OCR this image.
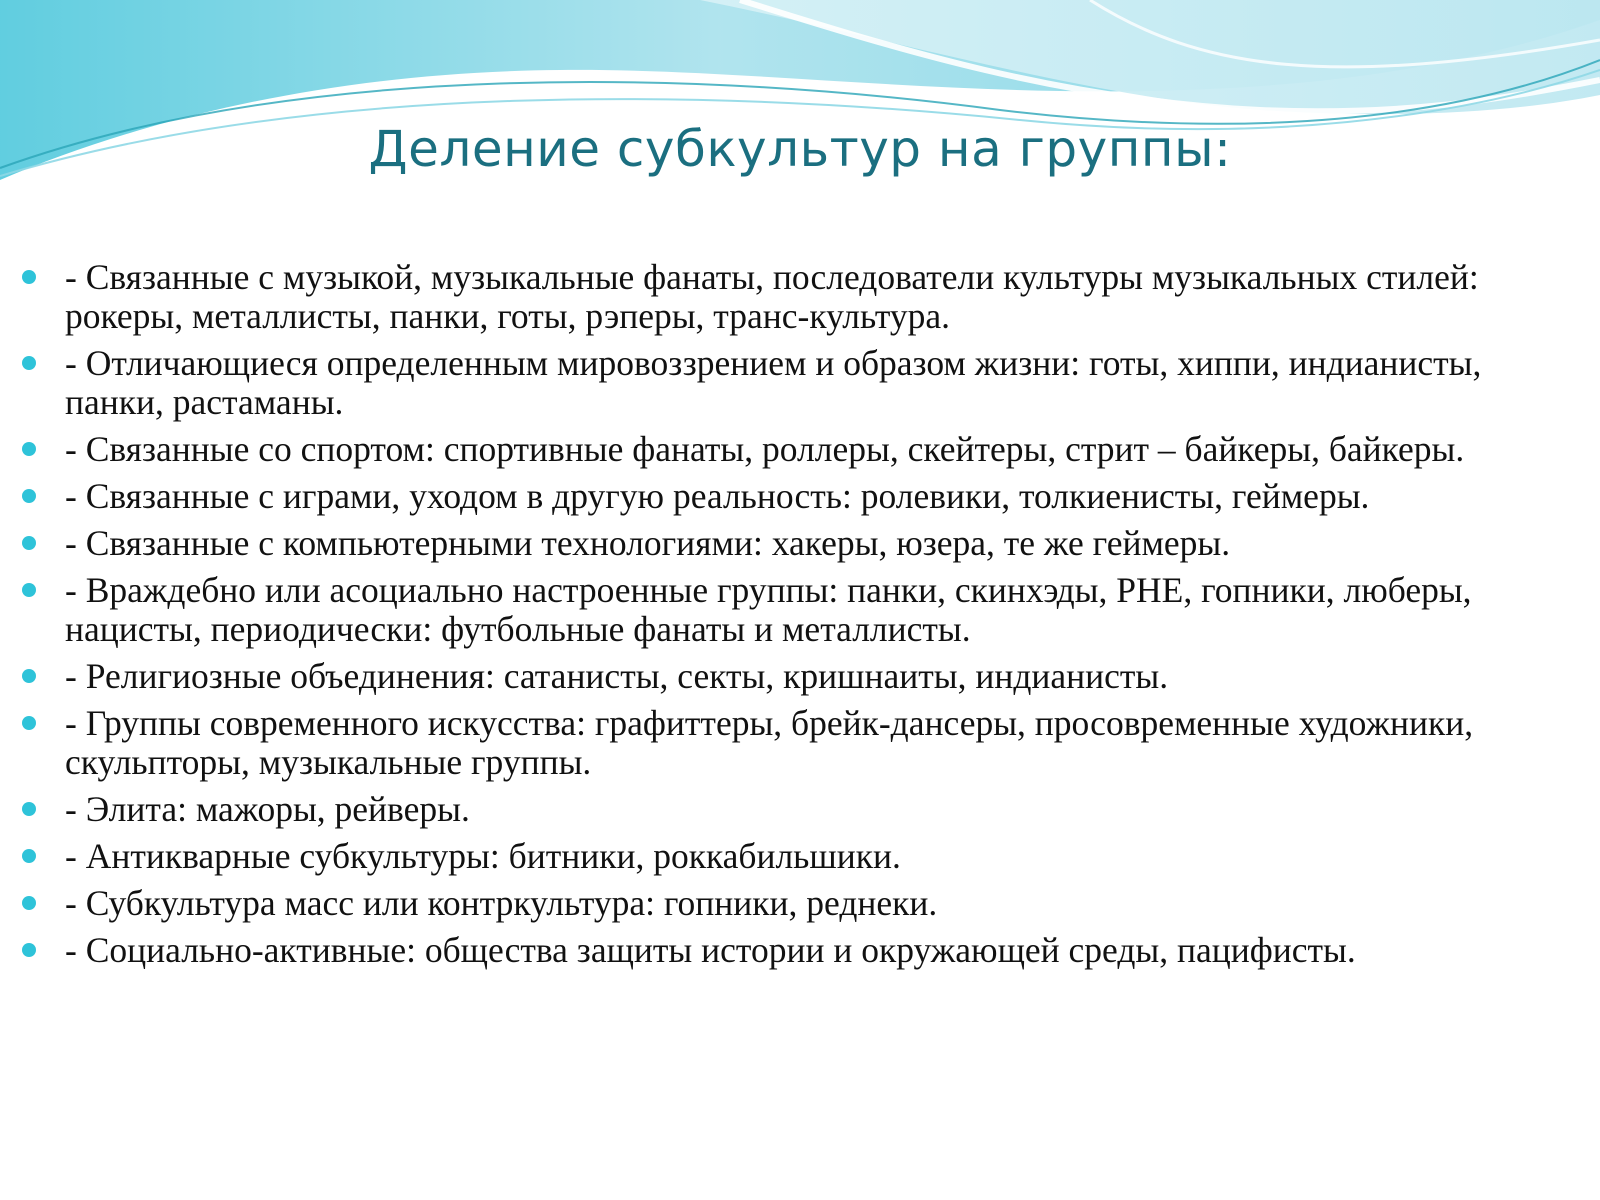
Деление субкультур на группы:
- Связанные с музыкой, музыкальные фанаты, последователи культуры музыкальных стилей: рокеры, металлисты, панки, готы, рэперы, транс-культура.
- Отличающиеся определенным мировоззрением и образом жизни: готы, хиппи, индианисты, панки, растаманы.
- Связанные со спортом: спортивные фанаты, роллеры, скейтеры, стрит – байкеры, байкеры.
- Связанные с играми, уходом в другую реальность: ролевики, толкиенисты, геймеры.
- Связанные с компьютерными технологиями: хакеры, юзера, те же геймеры.
- Враждебно или асоциально настроенные группы: панки, скинхэды, РНЕ, гопники, люберы, нацисты, периодически: футбольные фанаты и металлисты.
- Религиозные объединения: сатанисты, секты, кришнаиты, индианисты.
- Группы современного искусства: графиттеры, брейк-дансеры, просовременные художники, скульпторы, музыкальные группы.
- Элита: мажоры, рейверы.
- Антикварные субкультуры: битники, роккабильшики.
- Субкультура масс или контркультура: гопники, реднеки.
- Социально-активные: общества защиты истории и окружающей среды, пацифисты.
